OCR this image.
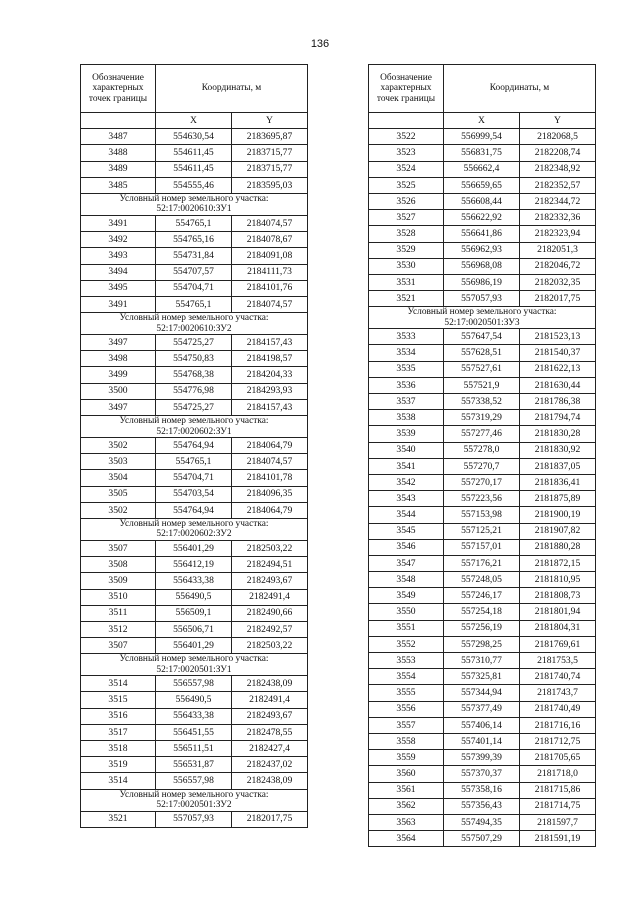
136
Обозначение характерных точек границы	Координаты, м	
	X	Y
3487	554630,54	2183695,87
3488	554611,45	2183715,77
3489	554611,45	2183715,77
3485	554555,46	2183595,03

Условный номер земельного участка:
52:17:0020610:ЗУ1		

3491	554765,1	2184074,57
3492	554765,16	2184078,67
3493	554731,84	2184091,08
3494	554707,57	2184111,73
3495	554704,71	2184101,76
3491	554765,1	2184074,57

Условный номер земельного участка:
52:17:0020610:ЗУ2		

3497	554725,27	2184157,43
3498	554750,83	2184198,57
3499	554768,38	2184204,33
3500	554776,98	2184293,93
3497	554725,27	2184157,43

Условный номер земельного участка:
52:17:0020602:ЗУ1		

3502	554764,94	2184064,79
3503	554765,1	2184074,57
3504	554704,71	2184101,78
3505	554703,54	2184096,35
3502	554764,94	2184064,79

Условный номер земельного участка:
52:17:0020602:ЗУ2		

3507	556401,29	2182503,22
3508	556412,19	2182494,51
3509	556433,38	2182493,67
3510	556490,5	2182491,4
3511	556509,1	2182490,66
3512	556506,71	2182492,57
3507	556401,29	2182503,22

Условный номер земельного участка:
52:17:0020501:ЗУ1		

3514	556557,98	2182438,09
3515	556490,5	2182491,4
3516	556433,38	2182493,67
3517	556451,55	2182478,55
3518	556511,51	2182427,4
3519	556531,87	2182437,02
3514	556557,98	2182438,09

Условный номер земельного участка:
52:17:0020501:ЗУ2		

3521	557057,93	2182017,75
Обозначение характерных точек границы	Координаты, м	
	X	Y
3522	556999,54	2182068,5
3523	556831,75	2182208,74
3524	556662,4	2182348,92
3525	556659,65	2182352,57
3526	556608,44	2182344,72
3527	556622,92	2182332,36
3528	556641,86	2182323,94
3529	556962,93	2182051,3
3530	556968,08	2182046,72
3531	556986,19	2182032,35
3521	557057,93	2182017,75

Условный номер земельного участка:
52:17:0020501:ЗУ3		

3533	557647,54	2181523,13
3534	557628,51	2181540,37
3535	557527,61	2181622,13
3536	557521,9	2181630,44
3537	557338,52	2181786,38
3538	557319,29	2181794,74
3539	557277,46	2181830,28
3540	557278,0	2181830,92
3541	557270,7	2181837,05
3542	557270,17	2181836,41
3543	557223,56	2181875,89
3544	557153,98	2181900,19
3545	557125,21	2181907,82
3546	557157,01	2181880,28
3547	557176,21	2181872,15
3548	557248,05	2181810,95
3549	557246,17	2181808,73
3550	557254,18	2181801,94
3551	557256,19	2181804,31
3552	557298,25	2181769,61
3553	557310,77	2181753,5
3554	557325,81	2181740,74
3555	557344,94	2181743,7
3556	557377,49	2181740,49
3557	557406,14	2181716,16
3558	557401,14	2181712,75
3559	557399,39	2181705,65
3560	557370,37	2181718,0
3561	557358,16	2181715,86
3562	557356,43	2181714,75
3563	557494,35	2181597,7
3564	557507,29	2181591,19
